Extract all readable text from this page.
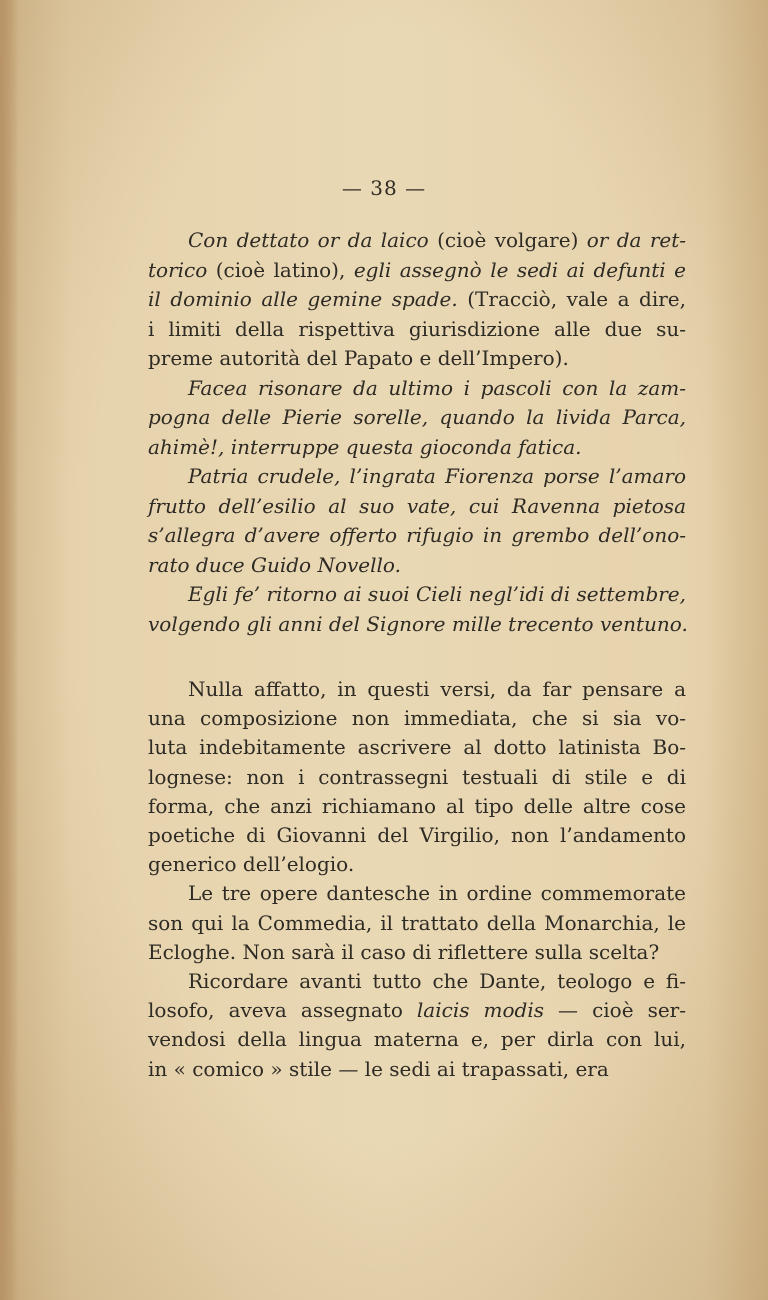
— 38 —

Con dettato or da laico (cioè volgare) or da ret-

torico (cioè latino), egli assegnò le sedi ai defunti e

il dominio alle gemine spade. (Tracciò, vale a dire,

i limiti della rispettiva giurisdizione alle due su-

preme autorità del Papato e dell’Impero).

Facea risonare da ultimo i pascoli con la zam-

pogna delle Pierie sorelle, quando la livida Parca,

ahimè!, interruppe questa gioconda fatica.

Patria crudele, l’ingrata Fiorenza porse l’amaro

frutto dell’esilio al suo vate, cui Ravenna pietosa

s’allegra d’avere offerto rifugio in grembo dell’ono-

rato duce Guido Novello.

Egli fe’ ritorno ai suoi Cieli negl’idi di settembre,

volgendo gli anni del Signore mille trecento ventuno.

Nulla affatto, in questi versi, da far pensare a

una composizione non immediata, che si sia vo-

luta indebitamente ascrivere al dotto latinista Bo-

lognese: non i contrassegni testuali di stile e di

forma, che anzi richiamano al tipo delle altre cose

poetiche di Giovanni del Virgilio, non l’andamento

generico dell’elogio.

Le tre opere dantesche in ordine commemorate

son qui la Commedia, il trattato della Monarchia, le

Ecloghe. Non sarà il caso di riflettere sulla scelta?

Ricordare avanti tutto che Dante, teologo e fi-

losofo, aveva assegnato laicis modis — cioè ser-

vendosi della lingua materna e, per dirla con lui,

in « comico » stile — le sedi ai trapassati, era
